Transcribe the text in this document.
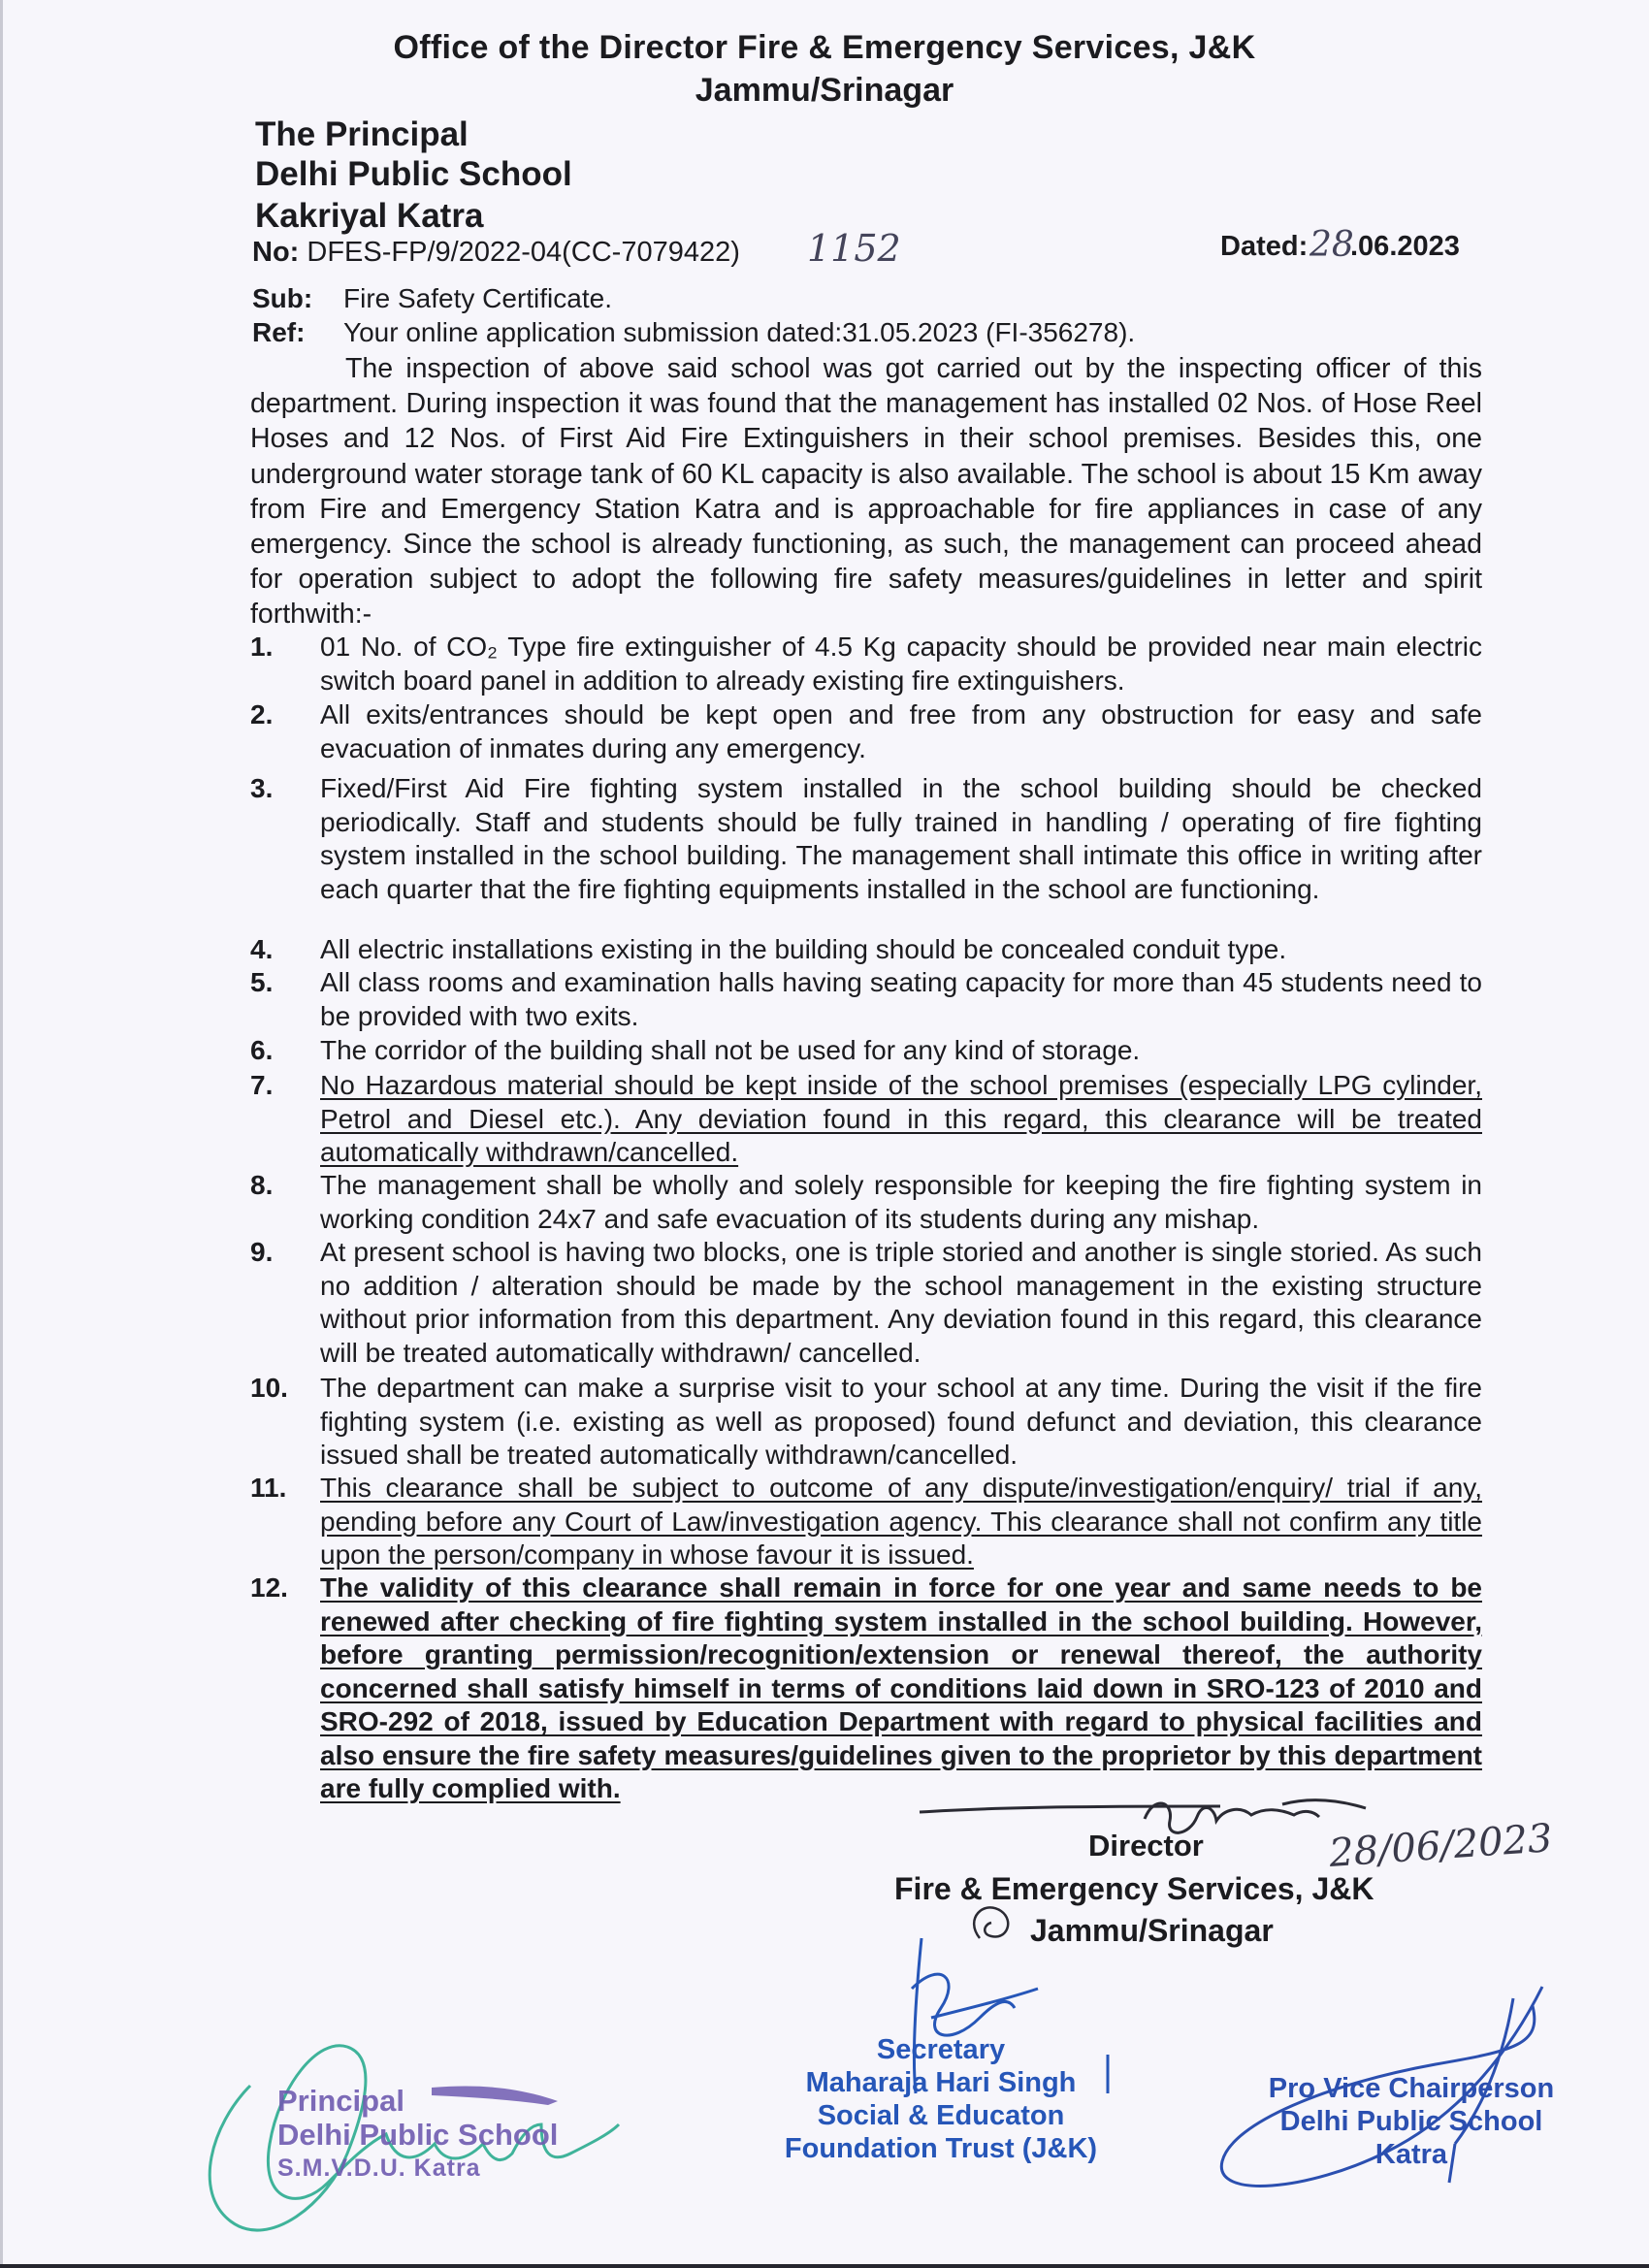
Office of the Director Fire & Emergency Services, J&K
Jammu/Srinagar
The Principal
Delhi Public School
Kakriyal Katra
No: DFES-FP/9/2022-04(CC-7079422) 1152	Dated: 28
.06.2023
Sub: Fire Safety Certificate.
Ref: Your online application submission dated:31.05.2023 (FI-356278).

The inspection of above said school was got carried out by the inspecting officer of this department. During inspection it was found that the management has installed 02 Nos. of Hose Reel Hoses and 12 Nos. of First Aid Fire Extinguishers in their school premises. Besides this, one underground water storage tank of 60 KL capacity is also available. The school is about 15 Km away from Fire and Emergency Station Katra and is approachable for fire appliances in case of any emergency. Since the school is already functioning, as such, the management can proceed ahead for operation subject to adopt the following fire safety measures/guidelines in letter and spirit forthwith:-

1.	01 No. of CO₂ Type fire extinguisher of 4.5 Kg capacity should be provided near main electric switch board panel in addition to already existing fire extinguishers.
2.	All exits/entrances should be kept open and free from any obstruction for easy and safe evacuation of inmates during any emergency.
3.	Fixed/First Aid Fire fighting system installed in the school building should be checked periodically. Staff and students should be fully trained in handling / operating of fire fighting system installed in the school building. The management shall intimate this office in writing after each quarter that the fire fighting equipments installed in the school are functioning.
4.	All electric installations existing in the building should be concealed conduit type.
5.	All class rooms and examination halls having seating capacity for more than 45 students need to be provided with two exits.
6.	The corridor of the building shall not be used for any kind of storage.
7.	No Hazardous material should be kept inside of the school premises (especially LPG cylinder, Petrol and Diesel etc.). Any deviation found in this regard, this clearance will be treated automatically withdrawn/cancelled.
8.	The management shall be wholly and solely responsible for keeping the fire fighting system in working condition 24x7 and safe evacuation of its students during any mishap.
9.	At present school is having two blocks, one is triple storied and another is single storied. As such no addition / alteration should be made by the school management in the existing structure without prior information from this department. Any deviation found in this regard, this clearance will be treated automatically withdrawn/ cancelled.
10.	The department can make a surprise visit to your school at any time. During the visit if the fire fighting system (i.e. existing as well as proposed) found defunct and deviation, this clearance issued shall be treated automatically withdrawn/cancelled.
11.	This clearance shall be subject to outcome of any dispute/investigation/enquiry/ trial if any, pending before any Court of Law/investigation agency. This clearance shall not confirm any title upon the person/company in whose favour it is issued.
12.	The validity of this clearance shall remain in force for one year and same needs to be renewed after checking of fire fighting system installed in the school building. However, before granting permission/recognition/extension or renewal thereof, the authority concerned shall satisfy himself in terms of conditions laid down in SRO-123 of 2010 and SRO-292 of 2018, issued by Education Department with regard to physical facilities and also ensure the fire safety measures/guidelines given to the proprietor by this department are fully complied with.
Director	28/06/2023
Fire & Emergency Services, J&K
Jammu/Srinagar
Principal
Delhi Public School
S.M.V.D.U. Katra
Secretary
Maharaja Hari Singh
Social & Educaton
Foundation Trust (J&K)
Pro Vice Chairperson
Delhi Public School
Katra
